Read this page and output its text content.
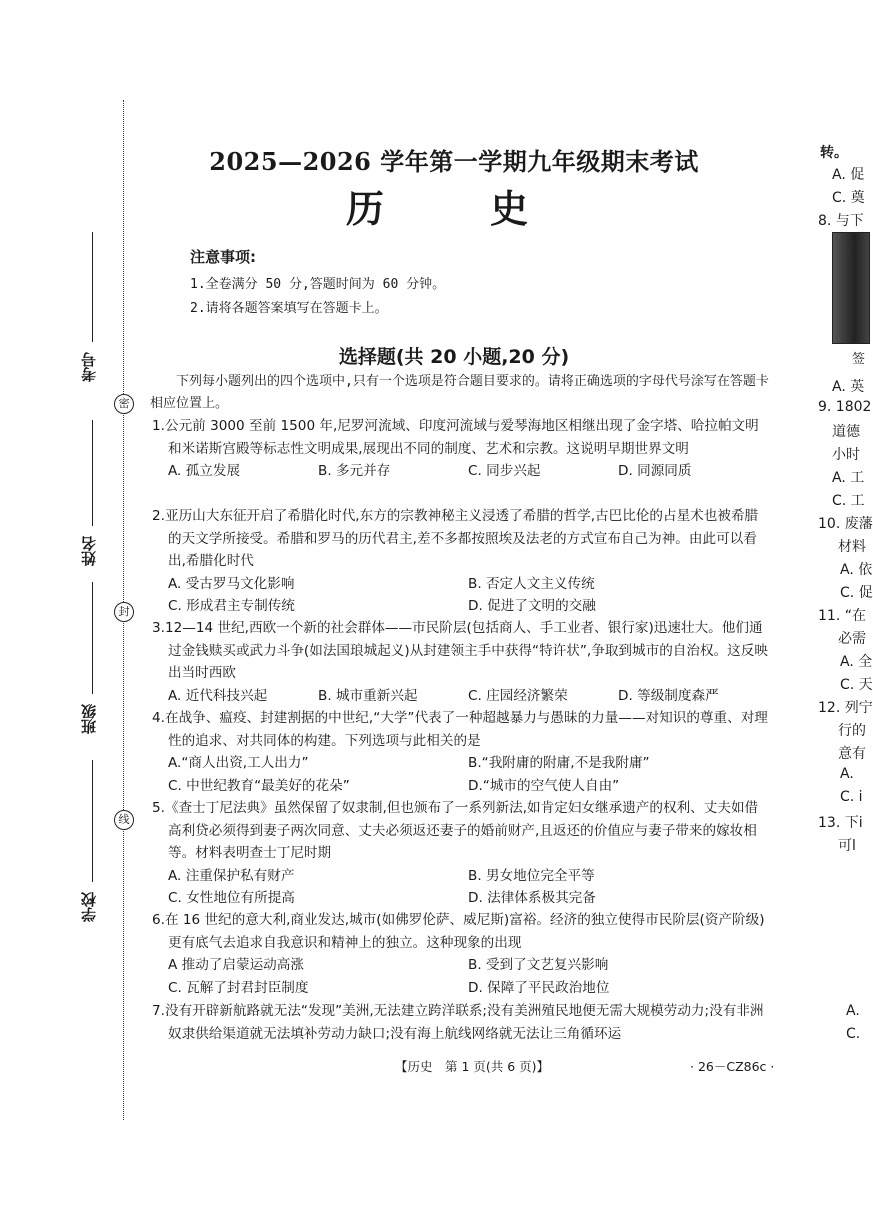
考号
姓名
班级
学校
密
封
线
2025—2026 学年第一学期九年级期末考试
历　史
注意事项:
1.全卷满分 50 分,答题时间为 60 分钟。
2.请将各题答案填写在答题卡上。
选择题(共 20 小题,20 分)
下列每小题列出的四个选项中,只有一个选项是符合题目要求的。请将正确选项的字母代号涂写在答题卡相应位置上。
1.公元前 3000 至前 1500 年,尼罗河流域、印度河流域与爱琴海地区相继出现了金字塔、哈拉帕文明和米诺斯宫殿等标志性文明成果,展现出不同的制度、艺术和宗教。这说明早期世界文明
A. 孤立发展	B. 多元并存	C. 同步兴起	D. 同源同质
2.亚历山大东征开启了希腊化时代,东方的宗教神秘主义浸透了希腊的哲学,古巴比伦的占星术也被希腊的天文学所接受。希腊和罗马的历代君主,差不多都按照埃及法老的方式宣布自己为神。由此可以看出,希腊化时代
A. 受古罗马文化影响	B. 否定人文主义传统
C. 形成君主专制传统	D. 促进了文明的交融
3.12—14 世纪,西欧一个新的社会群体——市民阶层(包括商人、手工业者、银行家)迅速壮大。他们通过金钱赎买或武力斗争(如法国琅城起义)从封建领主手中获得“特许状”,争取到城市的自治权。这反映出当时西欧
A. 近代科技兴起	B. 城市重新兴起	C. 庄园经济繁荣	D. 等级制度森严
4.在战争、瘟疫、封建割据的中世纪,“大学”代表了一种超越暴力与愚昧的力量——对知识的尊重、对理性的追求、对共同体的构建。下列选项与此相关的是
A.“商人出资,工人出力”	B.“我附庸的附庸,不是我附庸”
C. 中世纪教育“最美好的花朵”	D.“城市的空气使人自由”
5.《查士丁尼法典》虽然保留了奴隶制,但也颁布了一系列新法,如肯定妇女继承遗产的权利、丈夫如借高利贷必须得到妻子两次同意、丈夫必须返还妻子的婚前财产,且返还的价值应与妻子带来的嫁妆相等。材料表明查士丁尼时期
A. 注重保护私有财产	B. 男女地位完全平等
C. 女性地位有所提高	D. 法律体系极其完备
6.在 16 世纪的意大利,商业发达,城市(如佛罗伦萨、威尼斯)富裕。经济的独立使得市民阶层(资产阶级)更有底气去追求自我意识和精神上的独立。这种现象的出现
A 推动了启蒙运动高涨	B. 受到了文艺复兴影响
C. 瓦解了封君封臣制度	D. 保障了平民政治地位
7.没有开辟新航路就无法“发现”美洲,无法建立跨洋联系;没有美洲殖民地便无需大规模劳动力;没有非洲奴隶供给渠道就无法填补劳动力缺口;没有海上航线网络就无法让三角循环运
【历史　第 1 页(共 6 页)】	· 26－CZ86c ·
转。
A. 促
C. 奠
8. 与下
签
A. 英
9. 1802
道德
小时
A. 工
C. 工
10. 废藩
材料
A. 依
C. 促
11. “在
必需
A. 全
C. 天
12. 列宁
行的
意有
A.
C. i
13. 下i
可l
A.
C.
